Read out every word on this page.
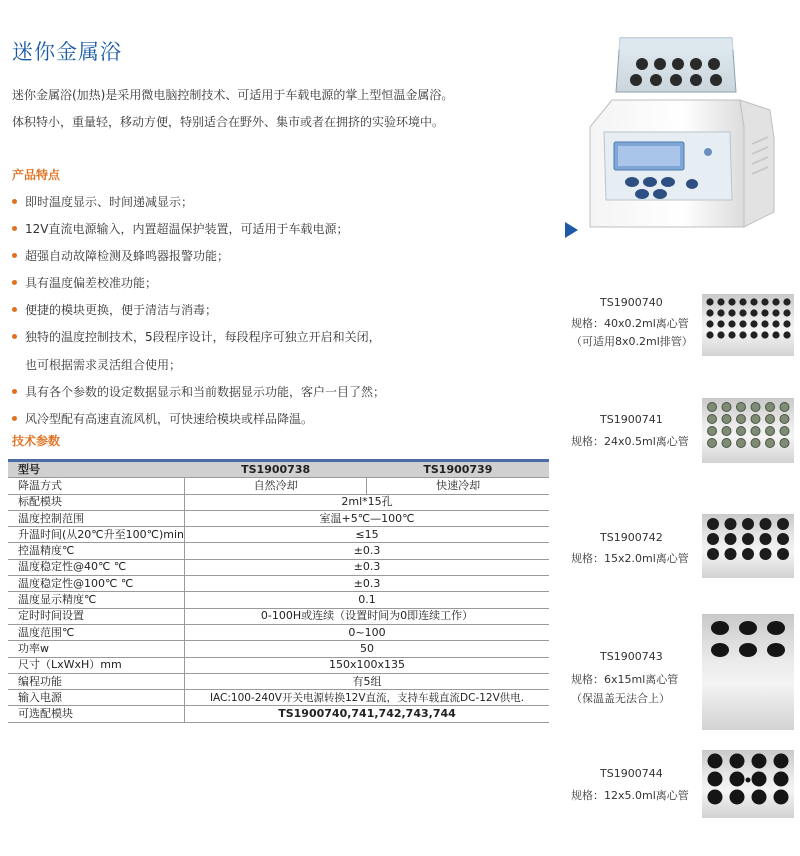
迷你金属浴
迷你金属浴(加热)是采用微电脑控制技术、可适用于车载电源的掌上型恒温金属浴。
体积特小，重量轻，移动方便，特别适合在野外、集市或者在拥挤的实验环境中。
产品特点
即时温度显示、时间递减显示；
12V直流电源输入，内置超温保护装置，可适用于车载电源；
超强自动故障检测及蜂鸣器报警功能；
具有温度偏差校准功能；
便捷的模块更换，便于清洁与消毒；
独特的温度控制技术，5段程序设计，每段程序可独立开启和关闭，
也可根据需求灵活组合使用；
具有各个参数的设定数据显示和当前数据显示功能，客户一目了然；
风冷型配有高速直流风机，可快速给模块或样品降温。
技术参数
型号	TS1900738	TS1900739
降温方式	自然冷却	快速冷却
标配模块	2ml*15孔	
温度控制范围	室温+5℃—100℃	
升温时间(从20℃升至100℃)min	≤15	
控温精度℃	±0.3	
温度稳定性@40℃ ℃	±0.3	
温度稳定性@100℃ ℃	±0.3	
温度显示精度℃	0.1	
定时时间设置	0-100H或连续（设置时间为0即连续工作）	
温度范围℃	0~100	
功率w	50	
尺寸（LxWxH）mm	150x100x135	
编程功能	有5组	
输入电源	IAC:100-240V开关电源转换12V直流，支持车载直流DC-12V供电.	
可选配模块	TS1900740,741,742,743,744	
TS1900740
规格：40x0.2ml离心管
（可适用8x0.2ml排管）
TS1900741
规格：24x0.5ml离心管
TS1900742
规格：15x2.0ml离心管
TS1900743
规格：6x15ml离心管
（保温盖无法合上）
TS1900744
规格：12x5.0ml离心管
